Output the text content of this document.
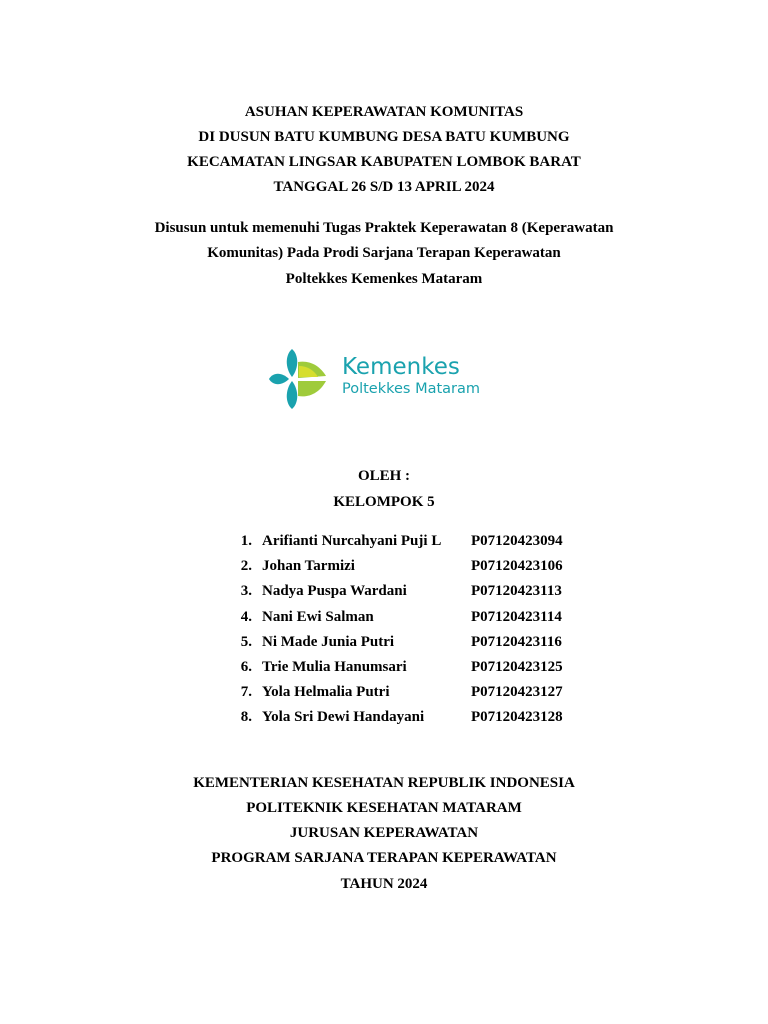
ASUHAN KEPERAWATAN KOMUNITAS
DI DUSUN BATU KUMBUNG DESA BATU KUMBUNG
KECAMATAN LINGSAR KABUPATEN LOMBOK BARAT
TANGGAL 26 S/D 13 APRIL 2024
Disusun untuk memenuhi Tugas Praktek Keperawatan 8 (Keperawatan
Komunitas) Pada Prodi Sarjana Terapan Keperawatan
Poltekkes Kemenkes Mataram
Kemenkes
Poltekkes Mataram
OLEH :
KELOMPOK 5
1. Arifianti Nurcahyani Puji L P07120423094
2. Johan Tarmizi	P07120423106
3. Nadya Puspa Wardani	P07120423113
4. Nani Ewi Salman	P07120423114
5. Ni Made Junia Putri	P07120423116
6. Trie Mulia Hanumsari	P07120423125
7. Yola Helmalia Putri	P07120423127
8. Yola Sri Dewi Handayani	P07120423128
KEMENTERIAN KESEHATAN REPUBLIK INDONESIA
POLITEKNIK KESEHATAN MATARAM
JURUSAN KEPERAWATAN
PROGRAM SARJANA TERAPAN KEPERAWATAN
TAHUN 2024
